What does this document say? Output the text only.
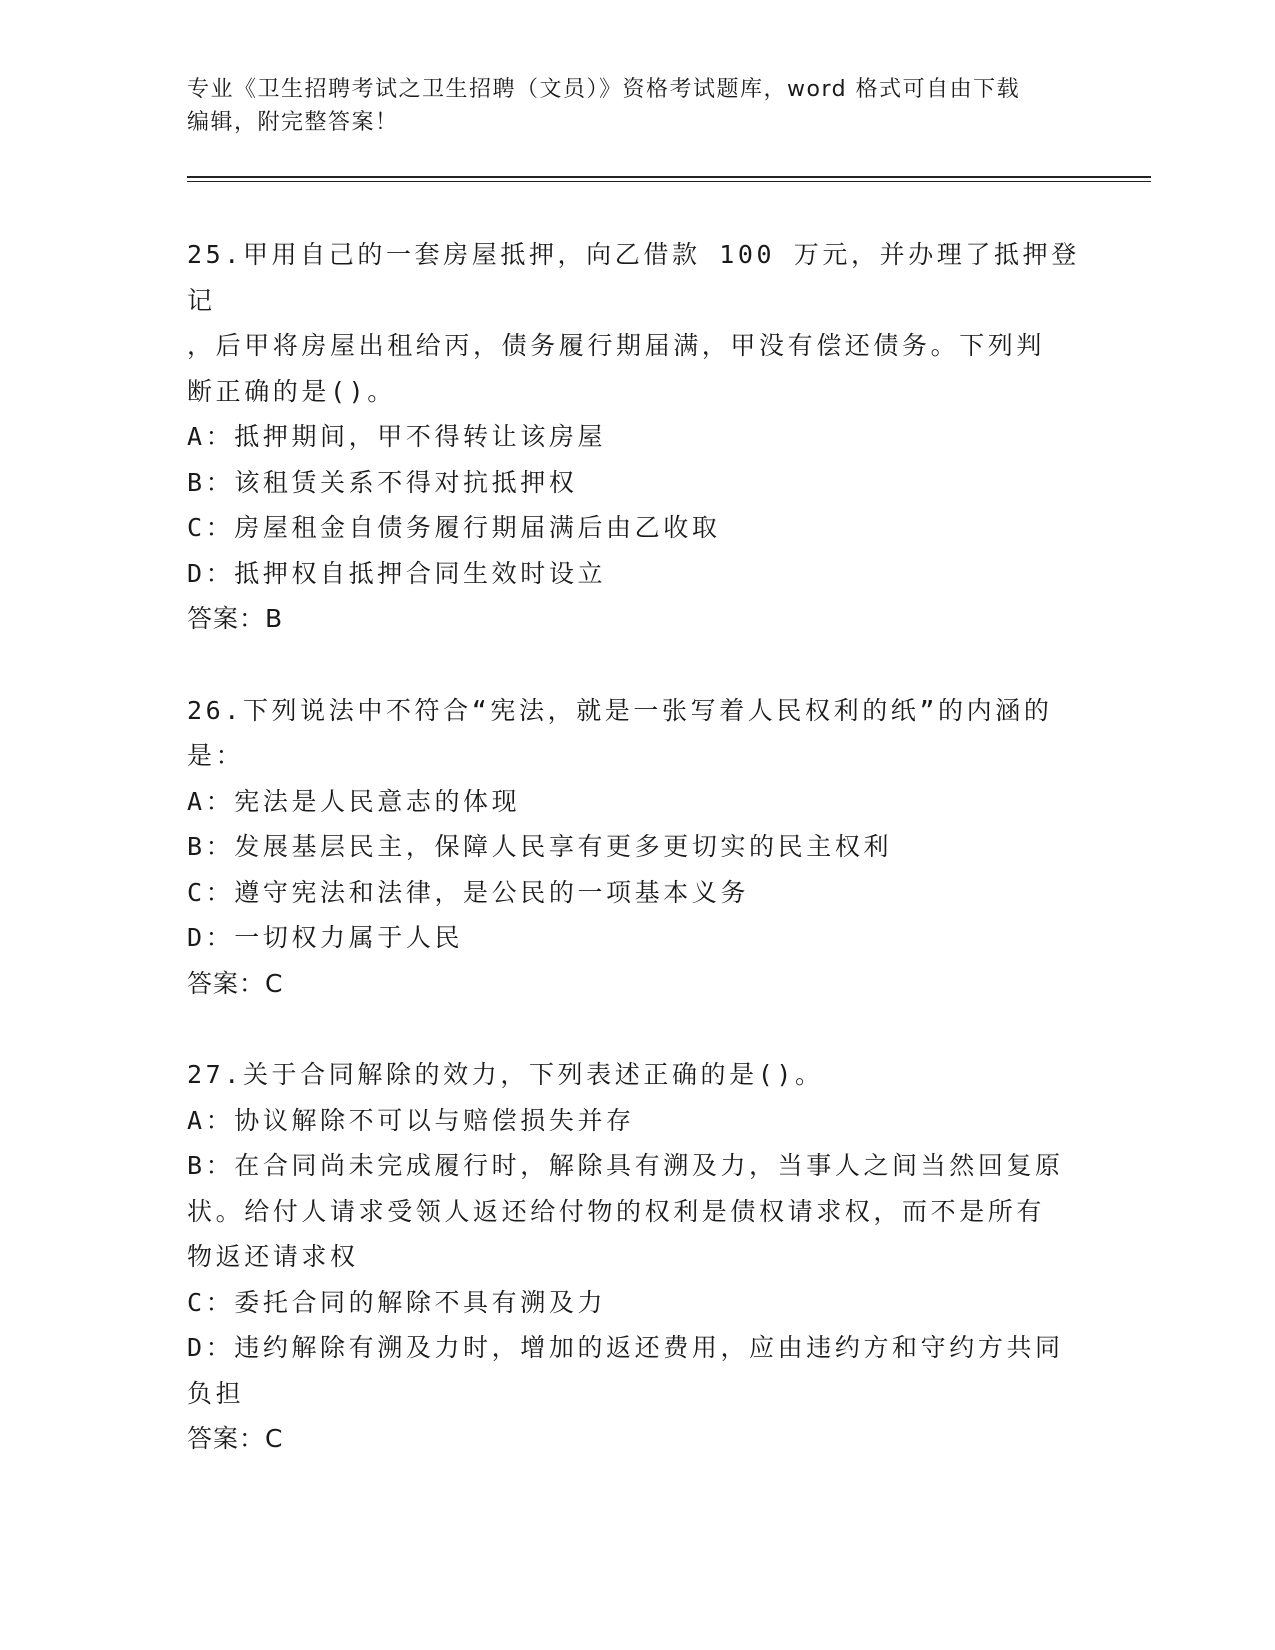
专业《卫生招聘考试之卫生招聘（文员）》资格考试题库，word 格式可自由下载
编辑，附完整答案！
25.甲用自己的一套房屋抵押，向乙借款 100 万元，并办理了抵押登记
，后甲将房屋出租给丙，债务履行期届满，甲没有偿还债务。下列判
断正确的是()。
A：抵押期间，甲不得转让该房屋
B：该租赁关系不得对抗抵押权
C：房屋租金自债务履行期届满后由乙收取
D：抵押权自抵押合同生效时设立
答案：B
26.下列说法中不符合“宪法，就是一张写着人民权利的纸”的内涵的
是：
A：宪法是人民意志的体现
B：发展基层民主，保障人民享有更多更切实的民主权利
C：遵守宪法和法律，是公民的一项基本义务
D：一切权力属于人民
答案：C
27.关于合同解除的效力，下列表述正确的是()。
A：协议解除不可以与赔偿损失并存
B：在合同尚未完成履行时，解除具有溯及力，当事人之间当然回复原
状。给付人请求受领人返还给付物的权利是债权请求权，而不是所有
物返还请求权
C：委托合同的解除不具有溯及力
D：违约解除有溯及力时，增加的返还费用，应由违约方和守约方共同
负担
答案：C
